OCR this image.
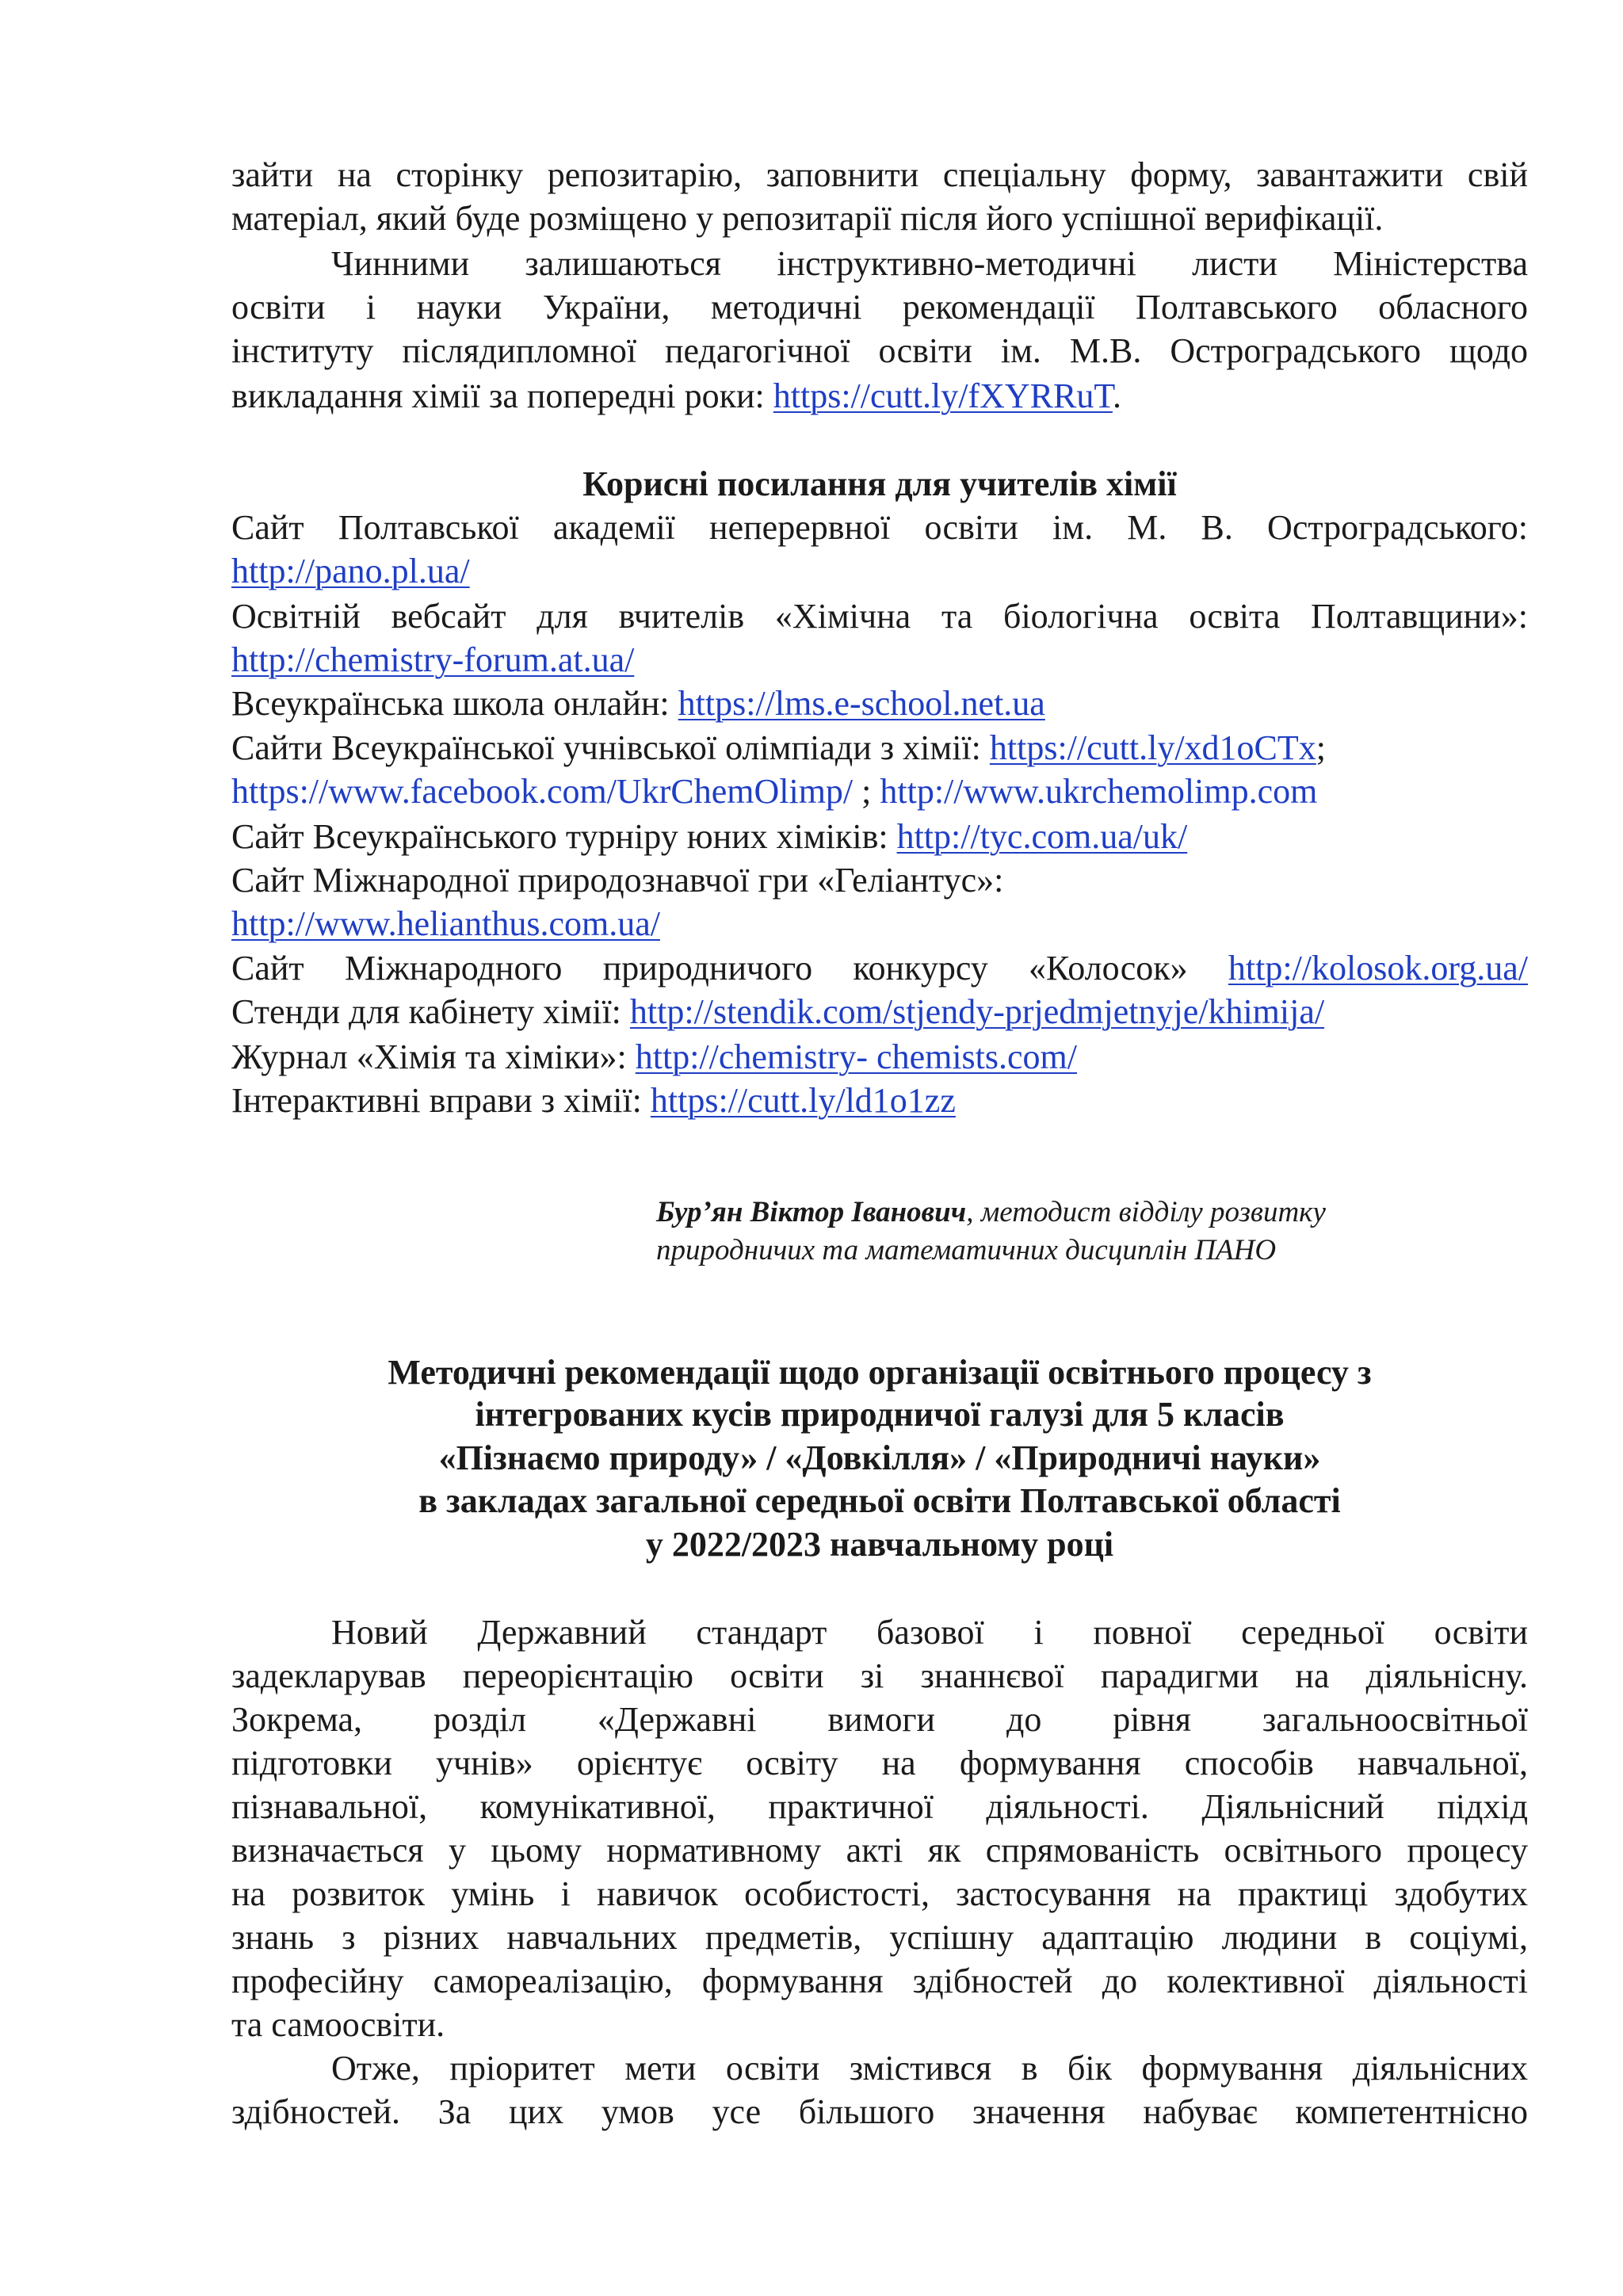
зайти на сторінку репозитарію, заповнити спеціальну форму, завантажити свій
матеріал, який буде розміщено у репозитарії після його успішної верифікації.
Чинними залишаються інструктивно-методичні листи Міністерства
освіти і науки України, методичні рекомендації Полтавського обласного
інституту післядипломної педагогічної освіти ім. М.В. Остроградського щодо
викладання хімії за попередні роки: https://cutt.ly/fXYRRuT.
Корисні посилання для учителів хімії
Сайт Полтавської академії неперервної освіти ім. М. В. Остроградського:
http://pano.pl.ua/
Освітній вебсайт для вчителів «Хімічна та біологічна освіта Полтавщини»:
http://chemistry-forum.at.ua/
Всеукраїнська школа онлайн: https://lms.e-school.net.ua
Сайти Всеукраїнської учнівської олімпіади з хімії: https://cutt.ly/xd1oCTx;
https://www.facebook.com/UkrChemOlimp/ ; http://www.ukrchemolimp.com
Сайт Всеукраїнського турніру юних хіміків: http://tyc.com.ua/uk/
Сайт Міжнародної природознавчої гри «Геліантус»:
http://www.helianthus.com.ua/
Сайт Міжнародного природничого конкурсу «Колосок» http://kolosok.org.ua/
Стенди для кабінету хімії: http://stendik.com/stjendy-prjedmjetnyje/khimija/
Журнал «Хімія та хіміки»: http://chemistry- chemists.com/
Інтерактивні вправи з хімії: https://cutt.ly/ld1o1zz
Бур’ян Віктор Іванович, методист відділу розвитку
природничих та математичних дисциплін ПАНО
Методичні рекомендації щодо організації освітнього процесу з
інтегрованих кусів природничої галузі для 5 класів
«Пізнаємо природу» / «Довкілля» / «Природничі науки»
в закладах загальної середньої освіти Полтавської області
у 2022/2023 навчальному році
Новий Державний стандарт базової і повної середньої освіти
задекларував переорієнтацію освіти зі знаннєвої парадигми на діяльнісну.
Зокрема, розділ «Державні вимоги до рівня загальноосвітньої
підготовки учнів» орієнтує освіту на формування способів навчальної,
пізнавальної, комунікативної, практичної діяльності. Діяльнісний підхід
визначається у цьому нормативному акті як спрямованість освітнього процесу
на розвиток умінь і навичок особистості, застосування на практиці здобутих
знань з різних навчальних предметів, успішну адаптацію людини в соціумі,
професійну самореалізацію, формування здібностей до колективної діяльності
та самоосвіти.
Отже, пріоритет мети освіти змістився в бік формування діяльнісних
здібностей. За цих умов усе більшого значення набуває компетентнісно
